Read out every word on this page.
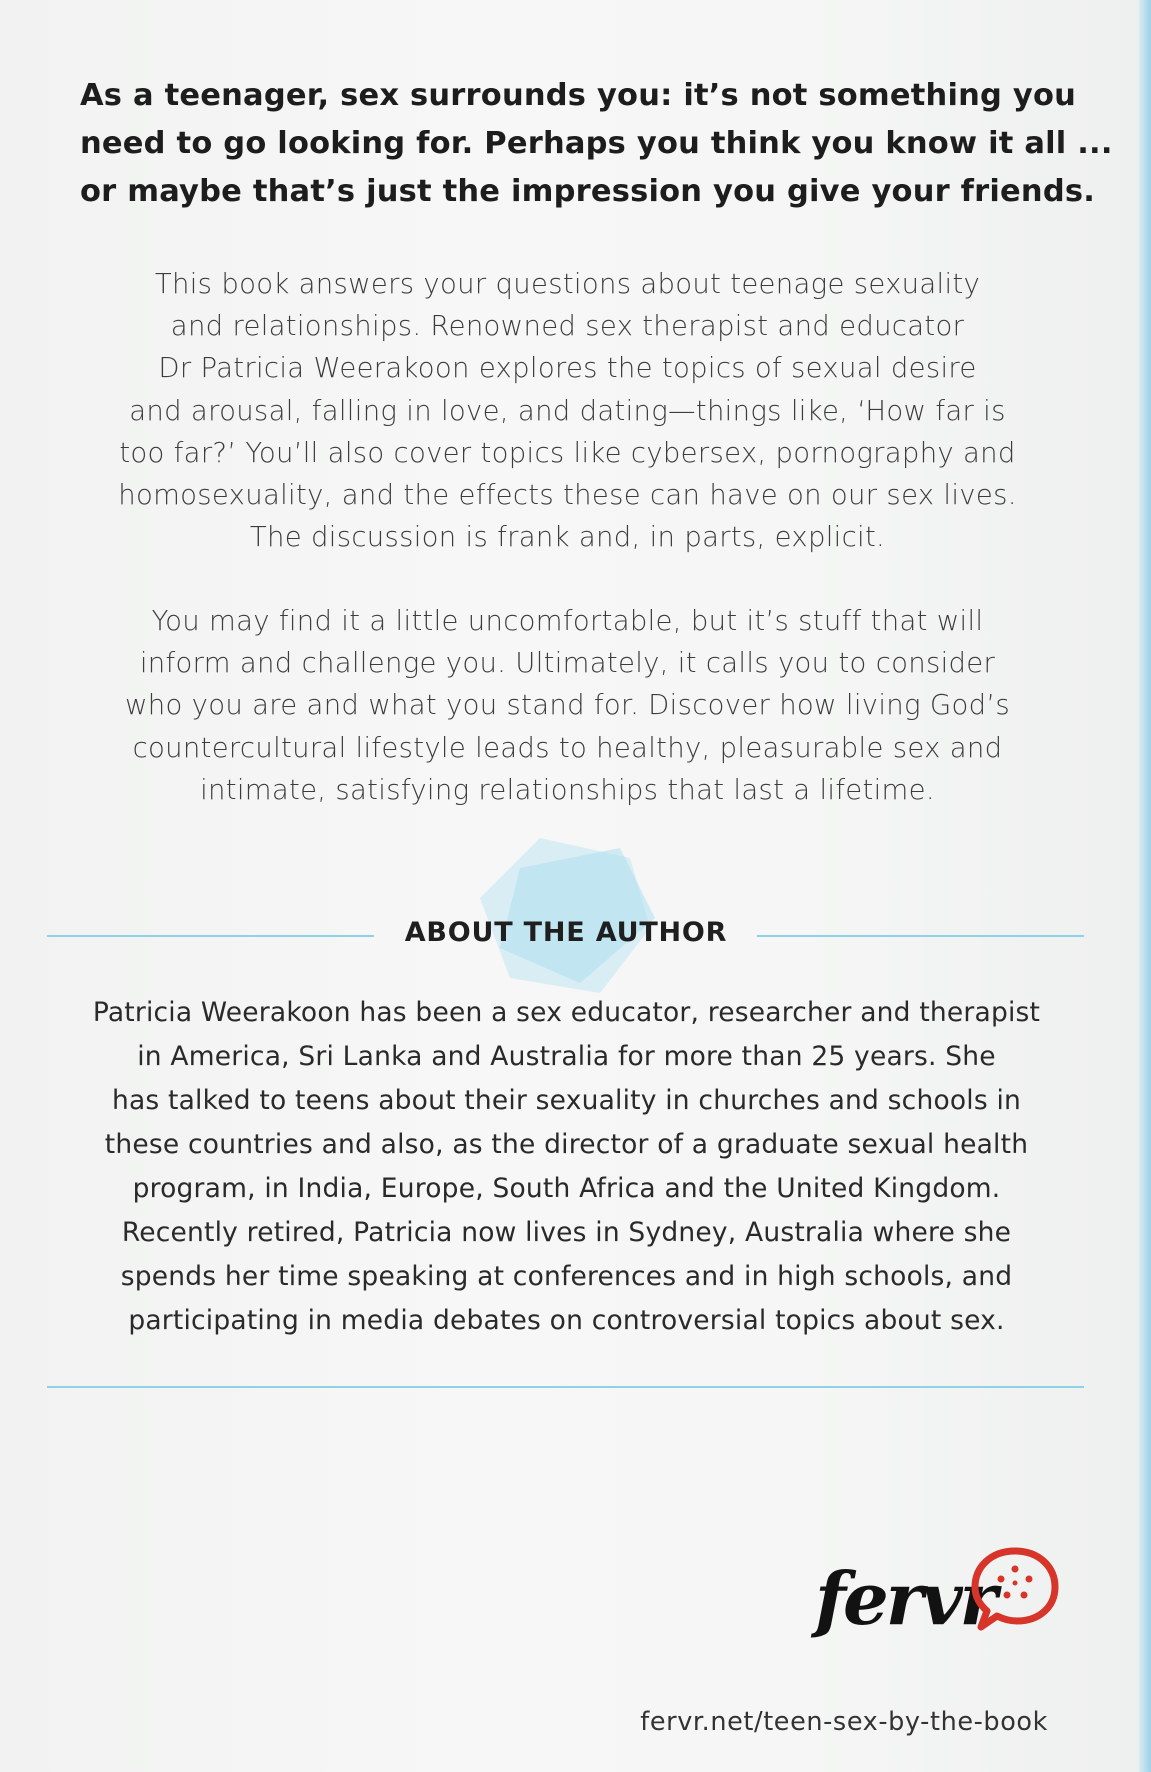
As a teenager, sex surrounds you: it’s not something you
need to go looking for. Perhaps you think you know it all ...
or maybe that’s just the impression you give your friends.
This book answers your questions about teenage sexuality
and relationships. Renowned sex therapist and educator
Dr Patricia Weerakoon explores the topics of sexual desire
and arousal, falling in love, and dating—things like, ‘How far is
too far?’ You’ll also cover topics like cybersex, pornography and
homosexuality, and the effects these can have on our sex lives.
The discussion is frank and, in parts, explicit.
You may find it a little uncomfortable, but it’s stuff that will
inform and challenge you. Ultimately, it calls you to consider
who you are and what you stand for. Discover how living God’s
countercultural lifestyle leads to healthy, pleasurable sex and
intimate, satisfying relationships that last a lifetime.
ABOUT THE AUTHOR
Patricia Weerakoon has been a sex educator, researcher and therapist
in America, Sri Lanka and Australia for more than 25 years. She
has talked to teens about their sexuality in churches and schools in
these countries and also, as the director of a graduate sexual health
program, in India, Europe, South Africa and the United Kingdom.
Recently retired, Patricia now lives in Sydney, Australia where she
spends her time speaking at conferences and in high schools, and
participating in media debates on controversial topics about sex.
fervr
fervr.net/teen-sex-by-the-book
